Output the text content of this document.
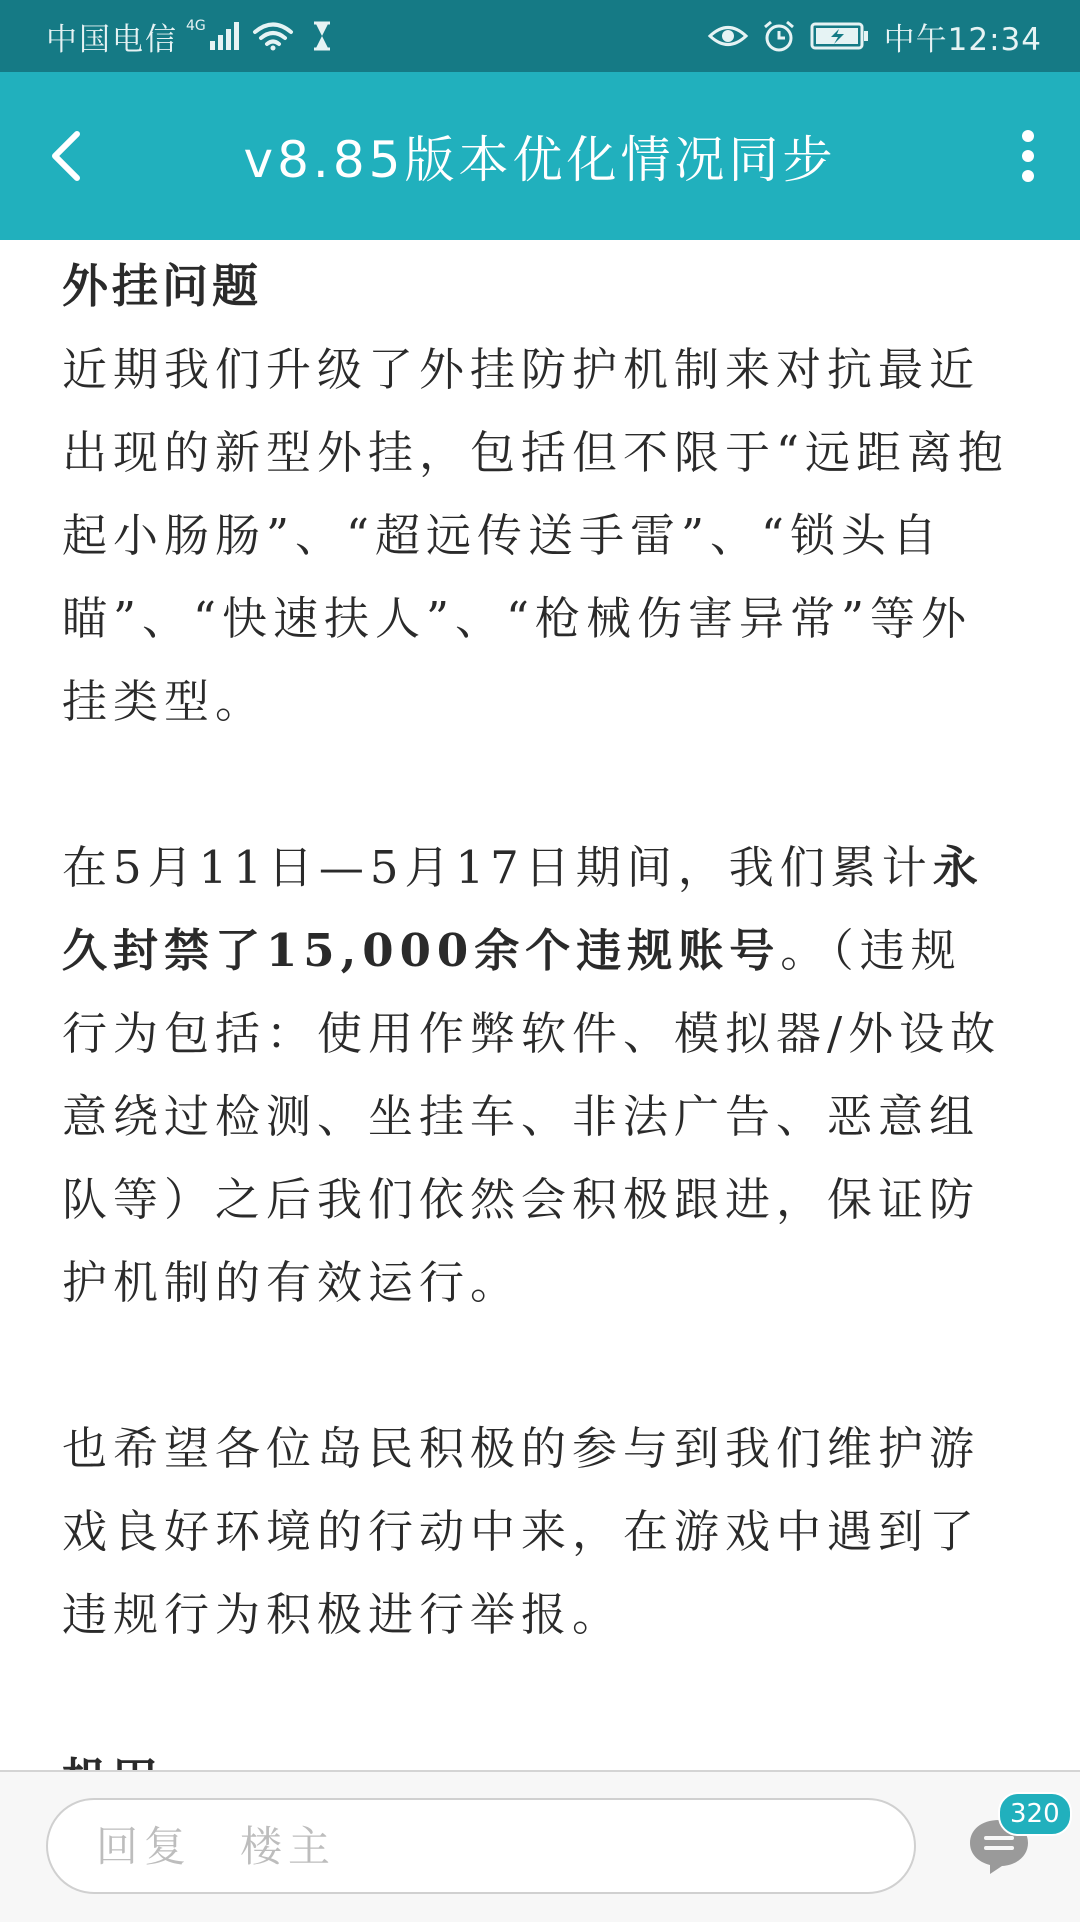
中国电信 4G	中午12:34
v8.85版本优化情况同步
外挂问题

近期我们升级了外挂防护机制来对抗最近出现的新型外挂，包括但不限于“远距离抱起小肠肠”、“超远传送手雷”、“锁头自瞄”、“快速扶人”、“枪械伤害异常”等外挂类型。

在5月11日—5月17日期间，我们累计永久封禁了15,000余个违规账号。（违规行为包括：使用作弊软件、模拟器/外设故意绕过检测、坐挂车、非法广告、恶意组队等）之后我们依然会积极跟进，保证防护机制的有效运行。

也希望各位岛民积极的参与到我们维护游戏良好环境的行动中来，在游戏中遇到了违规行为积极进行举报。

回复　楼主
320
